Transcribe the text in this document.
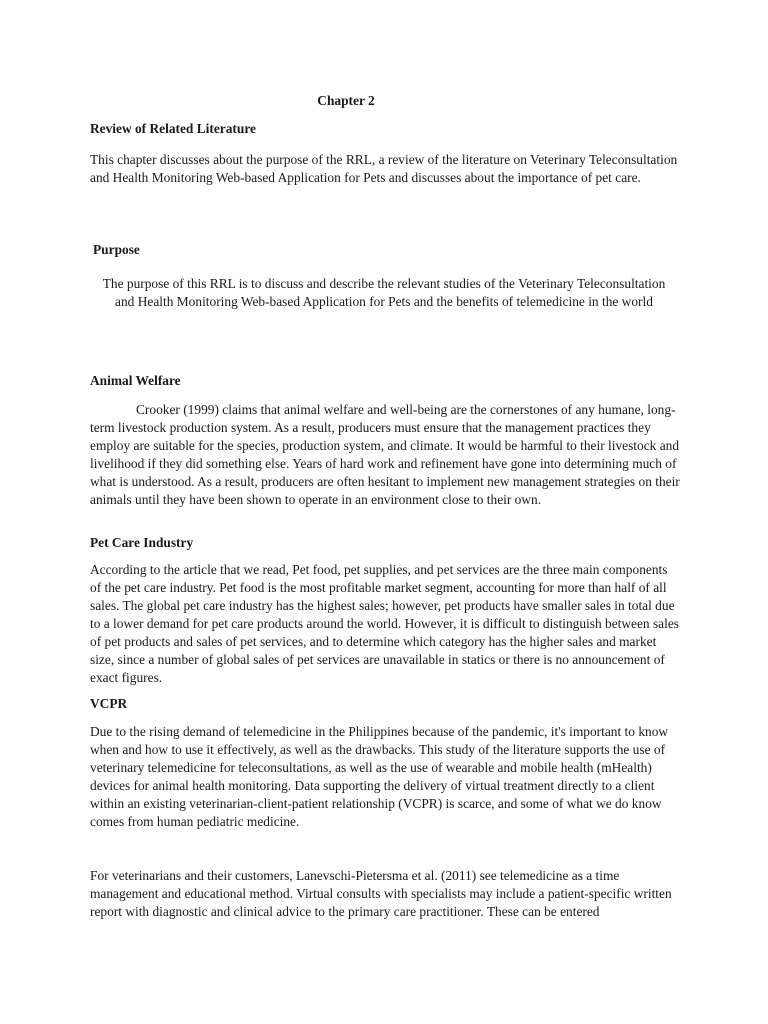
Chapter 2
Review of Related Literature

This chapter discusses about the purpose of the RRL, a review of the literature on Veterinary Teleconsultation and Health Monitoring Web-based Application for Pets and discusses about the importance of pet care.

Purpose

The purpose of this RRL is to discuss and describe the relevant studies of the Veterinary Teleconsultation and Health Monitoring Web-based Application for Pets and the benefits of telemedicine in the world

Animal Welfare

Crooker (1999) claims that animal welfare and well-being are the cornerstones of any humane, long-term livestock production system. As a result, producers must ensure that the management practices they employ are suitable for the species, production system, and climate. It would be harmful to their livestock and livelihood if they did something else. Years of hard work and refinement have gone into determining much of what is understood. As a result, producers are often hesitant to implement new management strategies on their animals until they have been shown to operate in an environment close to their own.

Pet Care Industry

According to the article that we read, Pet food, pet supplies, and pet services are the three main components of the pet care industry. Pet food is the most profitable market segment, accounting for more than half of all sales. The global pet care industry has the highest sales; however, pet products have smaller sales in total due to a lower demand for pet care products around the world. However, it is difficult to distinguish between sales of pet products and sales of pet services, and to determine which category has the higher sales and market size, since a number of global sales of pet services are unavailable in statics or there is no announcement of exact figures.

VCPR

Due to the rising demand of telemedicine in the Philippines because of the pandemic, it's important to know when and how to use it effectively, as well as the drawbacks. This study of the literature supports the use of veterinary telemedicine for teleconsultations, as well as the use of wearable and mobile health (mHealth) devices for animal health monitoring. Data supporting the delivery of virtual treatment directly to a client within an existing veterinarian-client-patient relationship (VCPR) is scarce, and some of what we do know comes from human pediatric medicine.

For veterinarians and their customers, Lanevschi-Pietersma et al. (2011) see telemedicine as a time management and educational method. Virtual consults with specialists may include a patient-specific written report with diagnostic and clinical advice to the primary care practitioner. These can be entered
